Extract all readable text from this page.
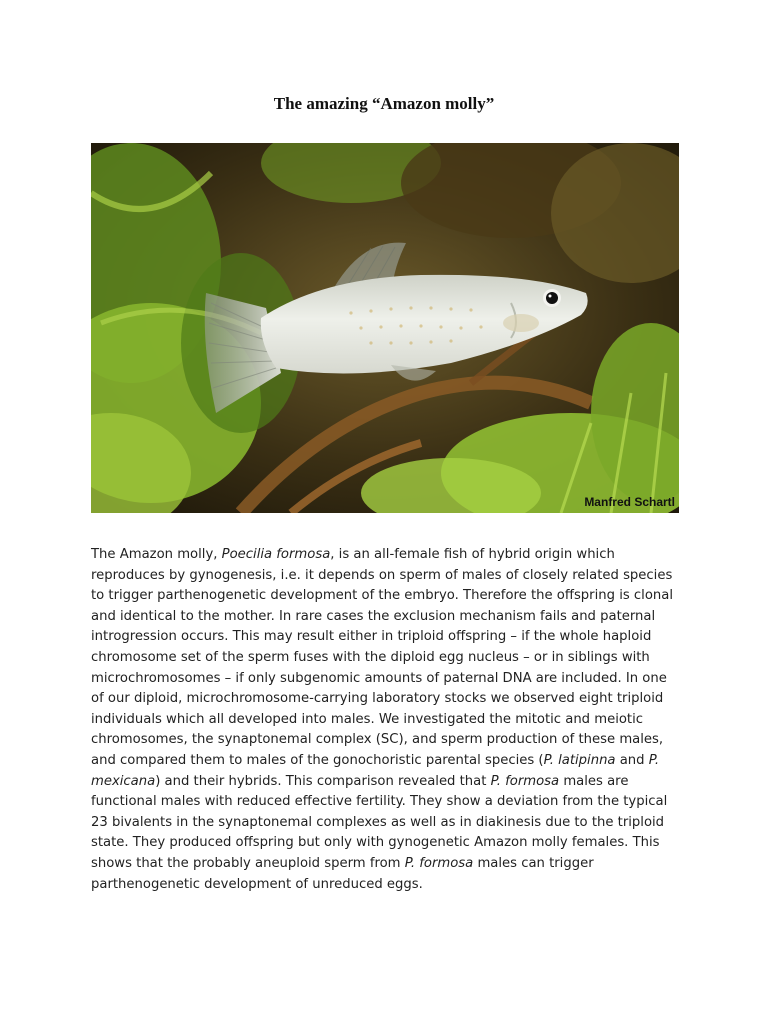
The amazing “Amazon molly”
Manfred Schartl

The Amazon molly, Poecilia formosa, is an all-female fish of hybrid origin which reproduces by gynogenesis, i.e. it depends on sperm of males of closely related species to trigger parthenogenetic development of the embryo. Therefore the offspring is clonal and identical to the mother. In rare cases the exclusion mechanism fails and paternal introgression occurs. This may result either in triploid offspring – if the whole haploid chromosome set of the sperm fuses with the diploid egg nucleus – or in siblings with microchromosomes – if only subgenomic amounts of paternal DNA are included. In one of our diploid, microchromosome-carrying laboratory stocks we observed eight triploid individuals which all developed into males. We investigated the mitotic and meiotic chromosomes, the synaptonemal complex (SC), and sperm production of these males, and compared them to males of the gonochoristic parental species (P. latipinna and P. mexicana) and their hybrids. This comparison revealed that P. formosa males are functional males with reduced effective fertility. They show a deviation from the typical 23 bivalents in the synaptonemal complexes as well as in diakinesis due to the triploid state. They produced offspring but only with gynogenetic Amazon molly females. This shows that the probably aneuploid sperm from P. formosa males can trigger parthenogenetic development of unreduced eggs.
